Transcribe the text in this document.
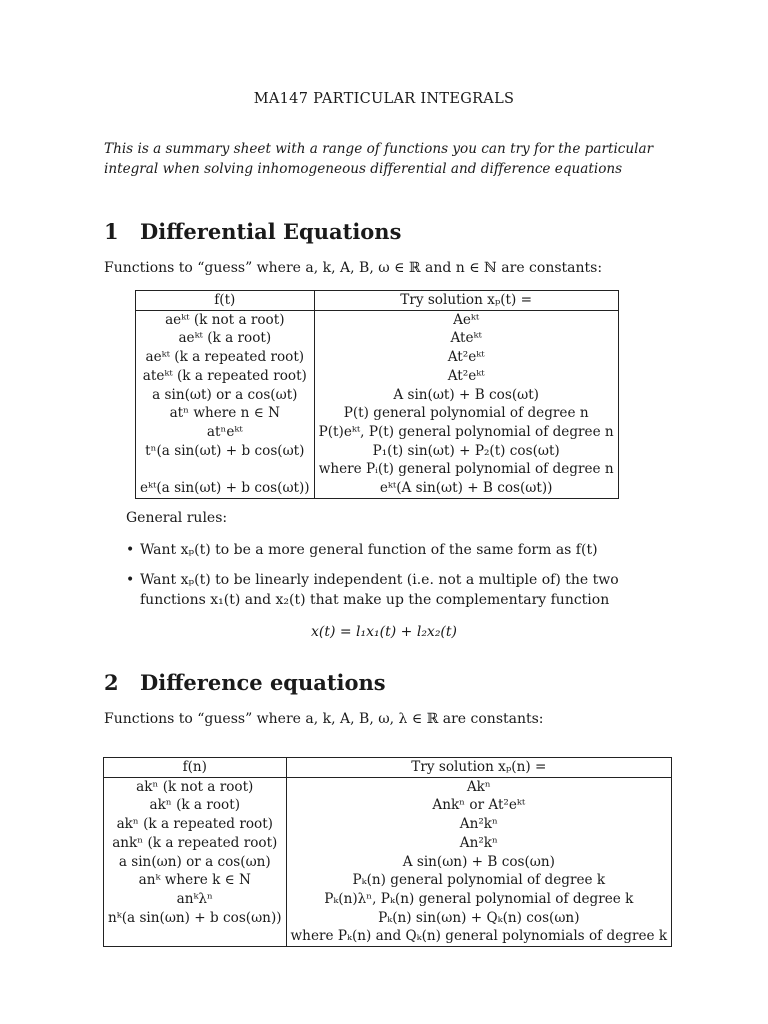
MA147 PARTICULAR INTEGRALS
This is a summary sheet with a range of functions you can try for the particular integral when solving inhomogeneous differential and difference equations
1 Differential Equations
Functions to “guess” where a, k, A, B, ω ∈ ℝ and n ∈ ℕ are constants:
f(t)	Try solution xₚ(t) =
aeᵏᵗ (k not a root)	Aeᵏᵗ
aeᵏᵗ (k a root)	Ateᵏᵗ
aeᵏᵗ (k a repeated root)	At²eᵏᵗ
ateᵏᵗ (k a repeated root)	At²eᵏᵗ
a sin(ωt) or a cos(ωt)	A sin(ωt) + B cos(ωt)
atⁿ where n ∈ N	P(t) general polynomial of degree n
atⁿeᵏᵗ	P(t)eᵏᵗ, P(t) general polynomial of degree n
tⁿ(a sin(ωt) + b cos(ωt)	P₁(t) sin(ωt) + P₂(t) cos(ωt)
	where Pᵢ(t) general polynomial of degree n
eᵏᵗ(a sin(ωt) + b cos(ωt))	eᵏᵗ(A sin(ωt) + B cos(ωt))
General rules:
• Want xₚ(t) to be a more general function of the same form as f(t)
• Want xₚ(t) to be linearly independent (i.e. not a multiple of) the two functions x₁(t) and x₂(t) that make up the complementary function
x(t) = l₁x₁(t) + l₂x₂(t)
2 Difference equations
Functions to “guess” where a, k, A, B, ω, λ ∈ ℝ are constants:
f(n)	Try solution xₚ(n) =
akⁿ (k not a root)	Akⁿ
akⁿ (k a root)	Ankⁿ or At²eᵏᵗ
akⁿ (k a repeated root)	An²kⁿ
ankⁿ (k a repeated root)	An²kⁿ
a sin(ωn) or a cos(ωn)	A sin(ωn) + B cos(ωn)
anᵏ where k ∈ N	Pₖ(n) general polynomial of degree k
anᵏλⁿ	Pₖ(n)λⁿ, Pₖ(n) general polynomial of degree k
nᵏ(a sin(ωn) + b cos(ωn))	Pₖ(n) sin(ωn) + Qₖ(n) cos(ωn)
	where Pₖ(n) and Qₖ(n) general polynomials of degree k
